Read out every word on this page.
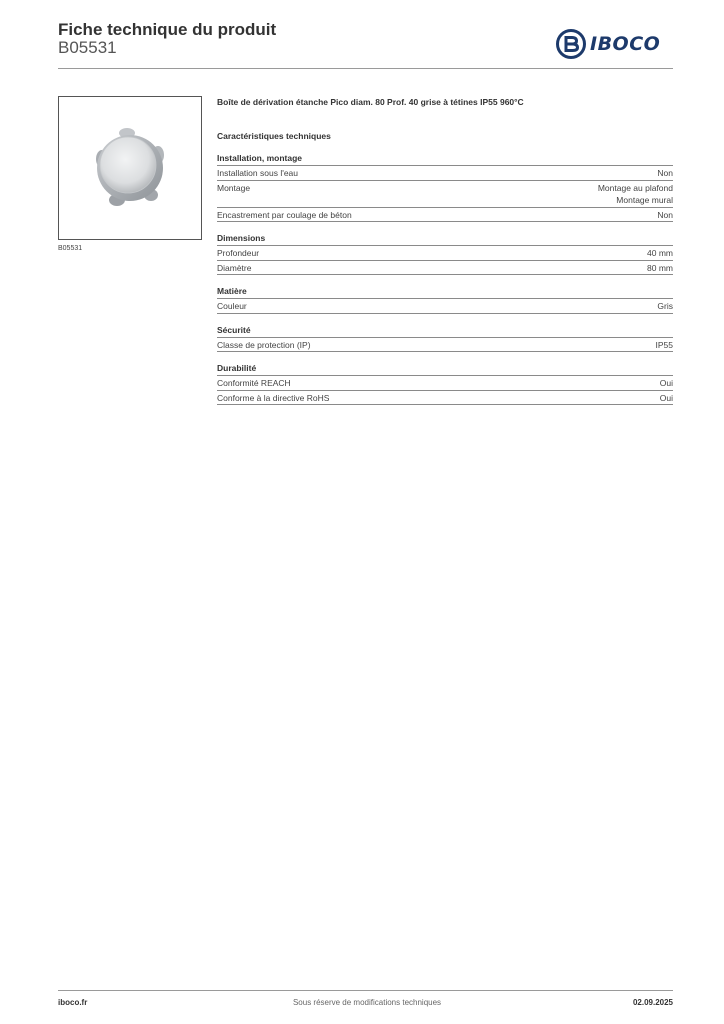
Fiche technique du produit
B05531	IBOCO
B05531

Boîte de dérivation étanche Pico diam. 80 Prof. 40 grise à tétines IP55 960°C

Caractéristiques techniques
Installation, montage
Installation sous l'eau	Non
Montage	Montage au plafond
Montage mural
Encastrement par coulage de béton	Non
Dimensions
Profondeur	40 mm
Diamètre	80 mm
Matière
Couleur	Gris
Sécurité
Classe de protection (IP)	IP55
Durabilité
Conformité REACH	Oui
Conforme à la directive RoHS	Oui
iboco.fr	Sous réserve de modifications techniques	02.09.2025
